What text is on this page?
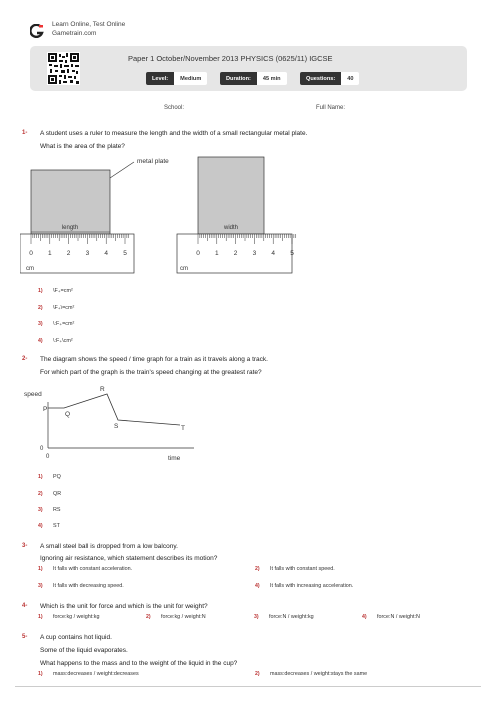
Learn Online, Test Online
Gametrain.com
Paper 1 October/November 2013 PHYSICS (0625/11) IGCSE
Level:	Medium	Duration:	45 min	Questions:	40
School:	Full Name:
1- A student uses a ruler to measure the length and the width of a small rectangular metal plate.
What is the area of the plate?
metal plate
length	width
0 1 2 3 4 5
cm
0 1 2 3 4 5
cm
1) \F₊=cm²
2) \F₊\=cm²
3) \:F₊=cm²
4) \:F₊\cm²
2- The diagram shows the speed / time graph for a train as it travels along a track.
For which part of the graph is the train's speed changing at the greatest rate?
speed
P
Q
R
S	T
0
0	time
1) PQ
2) QR
3) RS
4) ST
3- A small steel ball is dropped from a low balcony.
Ignoring air resistance, which statement describes its motion?
1) It falls with constant acceleration.	2) It falls with constant speed.
3) It falls with decreasing speed.	4) It falls with increasing acceleration.
4- Which is the unit for force and which is the unit for weight?
1) force:kg / weight:kg	2) force:kg / weight:N	3) force:N / weight:kg	4) force:N / weight:N
5- A cup contains hot liquid.
Some of the liquid evaporates.
What happens to the mass and to the weight of the liquid in the cup?
1) mass:decreases / weight:decreases	2) mass:decreases / weight:stays the same
